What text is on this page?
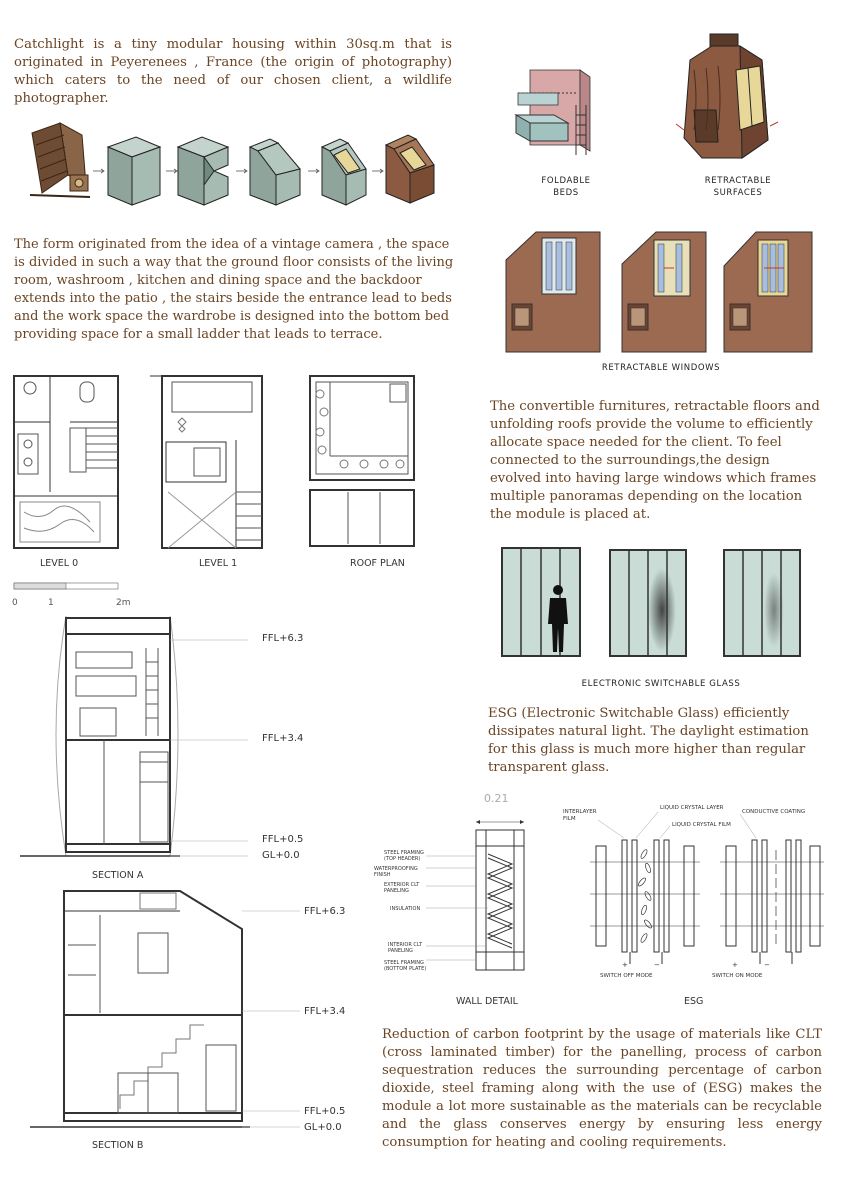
Catchlight is a tiny modular housing within 30sq.m that is originated in Peyerenees , France (the origin of photography) which caters to the need of our chosen client, a wildlife photographer.

The form originated from the idea of a vintage camera , the space is divided in such a way that the ground floor consists of the living room, washroom , kitchen and dining space and the backdoor extends into the patio , the stairs beside the entrance lead to beds and the work space the wardrobe is designed into the bottom bed providing space for a small ladder that leads to terrace.

FOLDABLE
BEDS

RETRACTABLE
SURFACES

RETRACTABLE WINDOWS

The convertible furnitures, retractable floors and unfolding roofs provide the volume to efficiently allocate space needed for the client. To feel connected to the surroundings,the design evolved into having large windows which frames multiple panoramas depending on the location the module is placed at.

LEVEL 0	LEVEL 1	ROOF PLAN
0	1	2m

ELECTRONIC SWITCHABLE GLASS

ESG (Electronic Switchable Glass) efficiently dissipates natural light. The daylight estimation for this glass is much more higher than regular transparent glass.

FFL+6.3
FFL+3.4
FFL+0.5
GL+0.0
SECTION A
FFL+6.3
FFL+3.4
FFL+0.5
GL+0.0
SECTION B
0.21
STEEL FRAMING (TOP HEADER)
WATERPROOFING FINISH
EXTERIOR CLT PANELING
INSULATION
INTERIOR CLT PANELING
STEEL FRAMING (BOTTOM PLATE)
WALL DETAIL
INTERLAYER
FILM
LIQUID CRYSTAL LAYER
LIQUID CRYSTAL FILM
CONDUCTIVE COATING
+	−	+	−
SWITCH OFF MODE	SWITCH ON MODE
ESG

Reduction of carbon footprint by the usage of materials like CLT (cross laminated timber) for the panelling, process of carbon sequestration reduces the surrounding percentage of carbon dioxide, steel framing along with the use of (ESG) makes the module a lot more sustainable as the materials can be recyclable and the glass conserves energy by ensuring less energy consumption for heating and cooling requirements.
